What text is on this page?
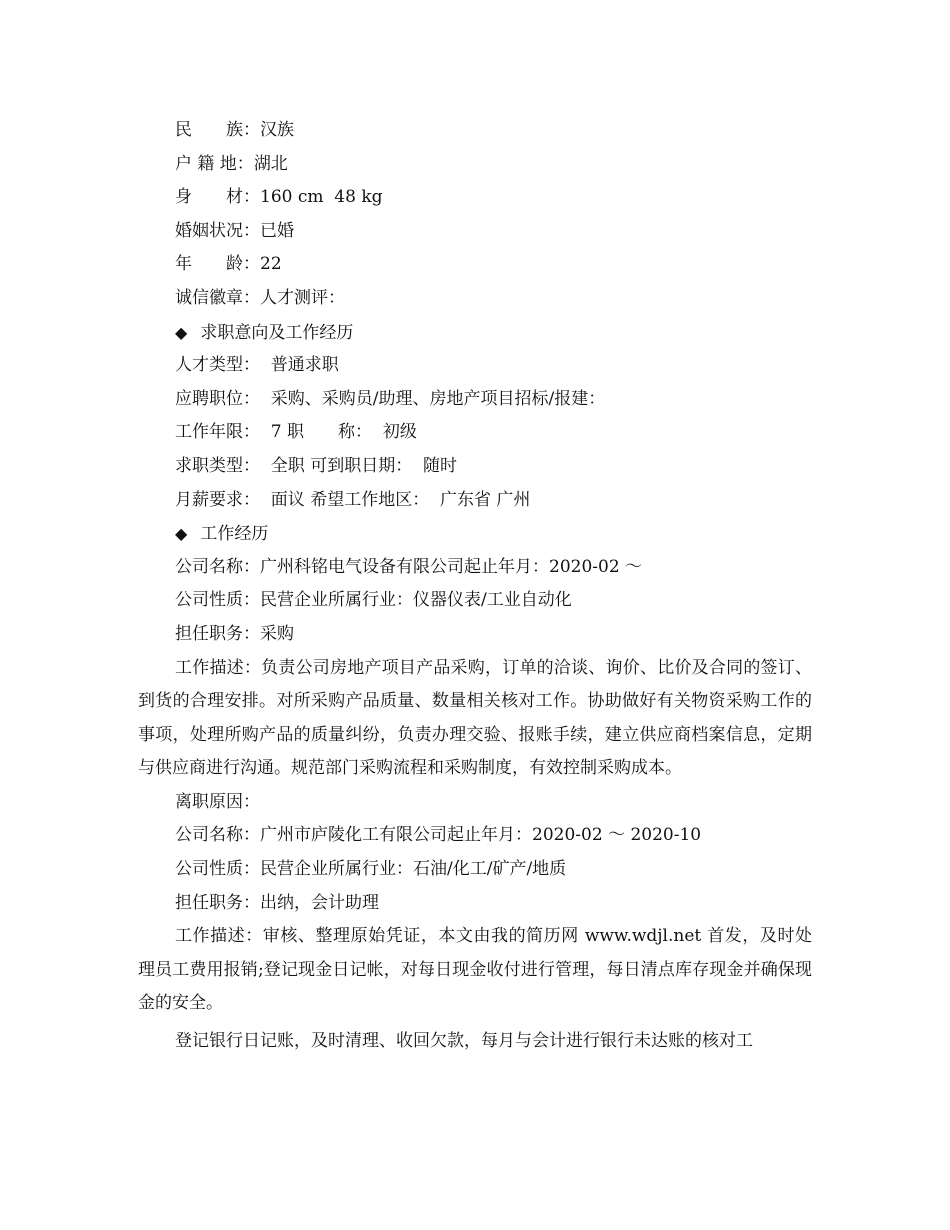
民　　族：汉族
户 籍 地：湖北
身　　材：160 cm  48 kg
婚姻状况：已婚
年　　龄：22
诚信徽章：人才测评：
◆ 求职意向及工作经历
人才类型：  普通求职
应聘职位：  采购、采购员/助理、房地产项目招标/报建：
工作年限：  7 职　　称：  初级
求职类型：  全职 可到职日期：  随时
月薪要求：  面议 希望工作地区：  广东省 广州
◆ 工作经历
公司名称：广州科铭电气设备有限公司起止年月：2020-02 ～
公司性质：民营企业所属行业：仪器仪表/工业自动化
担任职务：采购

工作描述：负责公司房地产项目产品采购，订单的洽谈、询价、比价及合同的签订、到货的合理安排。对所采购产品质量、数量相关核对工作。协助做好有关物资采购工作的事项，处理所购产品的质量纠纷，负责办理交验、报账手续，建立供应商档案信息，定期与供应商进行沟通。规范部门采购流程和采购制度，有效控制采购成本。

离职原因：
公司名称：广州市庐陵化工有限公司起止年月：2020-02 ～ 2020-10
公司性质：民营企业所属行业：石油/化工/矿产/地质
担任职务：出纳，会计助理

工作描述：审核、整理原始凭证，本文由我的简历网 www.wdjl.net 首发，及时处理员工费用报销;登记现金日记帐，对每日现金收付进行管理，每日清点库存现金并确保现金的安全。

登记银行日记账，及时清理、收回欠款，每月与会计进行银行未达账的核对工
